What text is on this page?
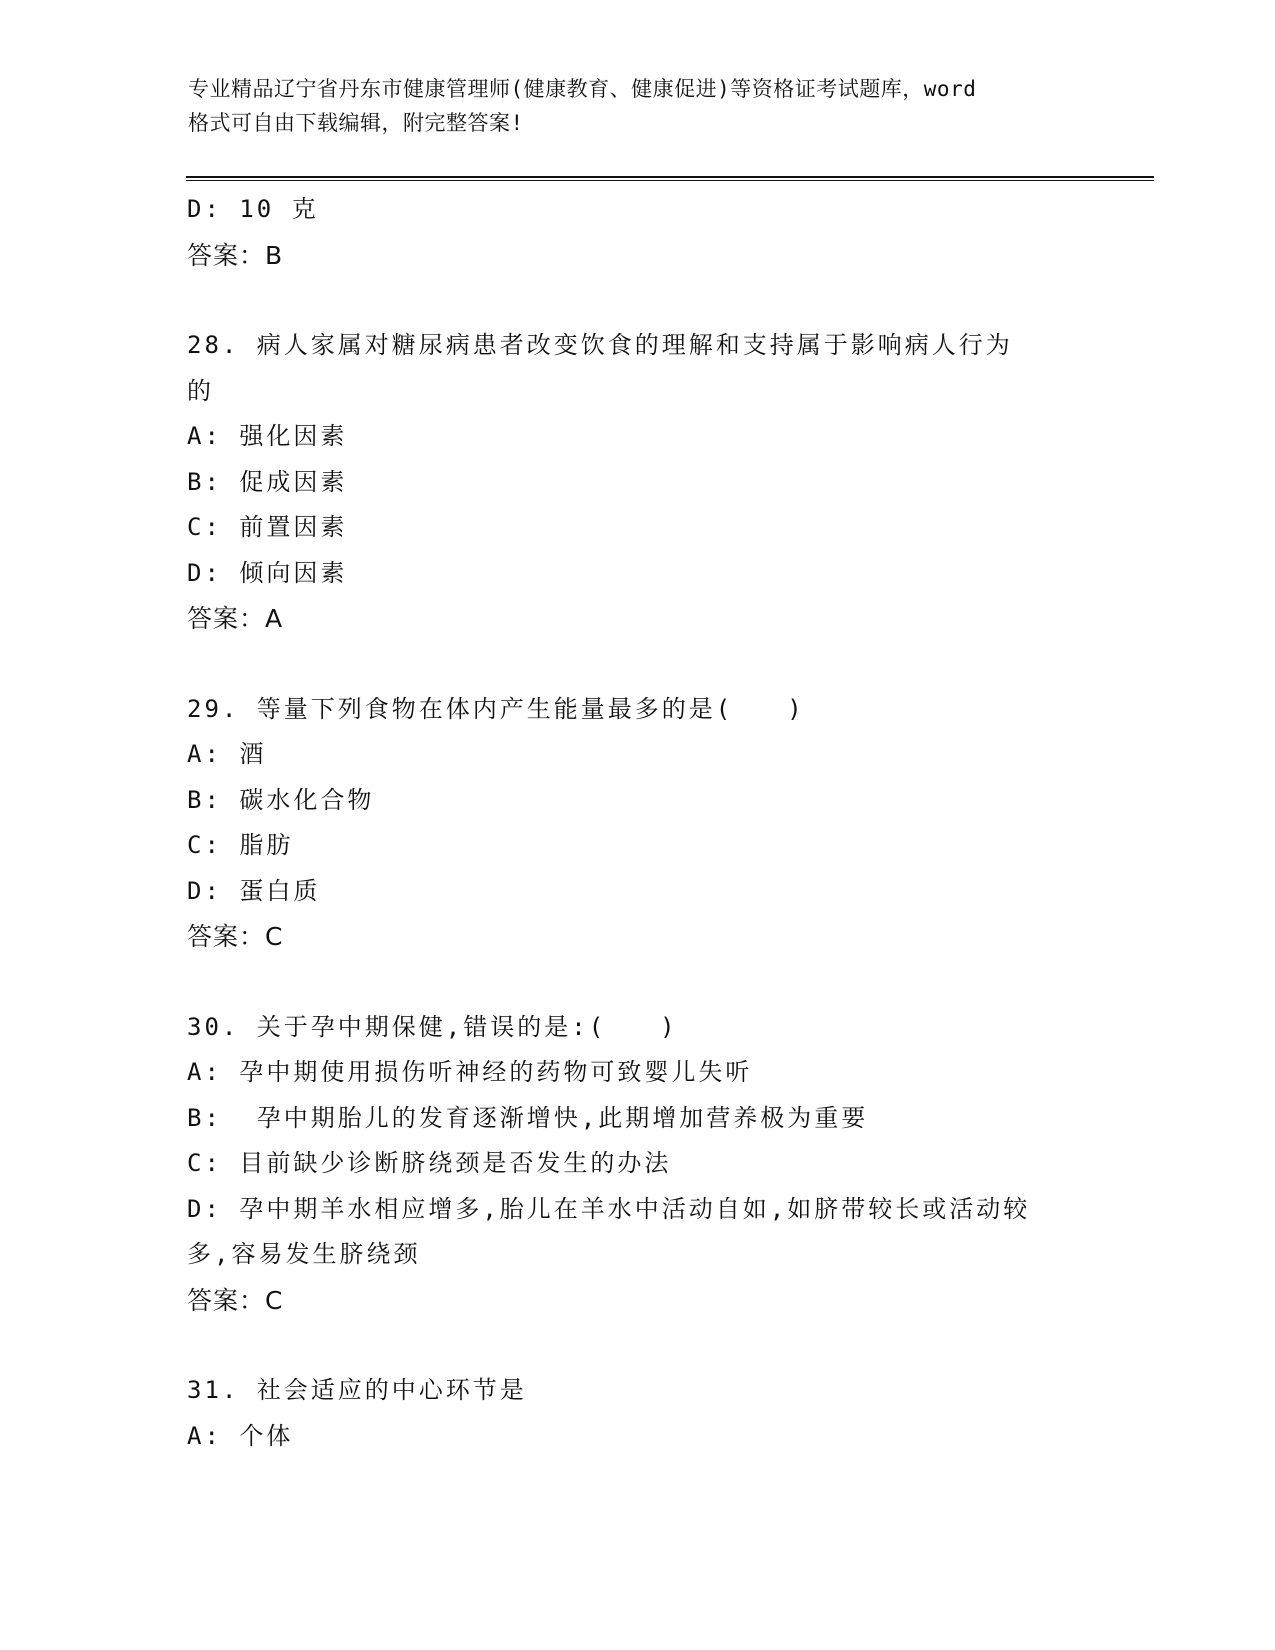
专业精品辽宁省丹东市健康管理师(健康教育、健康促进)等资格证考试题库，word
格式可自由下载编辑，附完整答案!
D: 10 克
答案：B
28. 病人家属对糖尿病患者改变饮食的理解和支持属于影响病人行为
的
A: 强化因素
B: 促成因素
C: 前置因素
D: 倾向因素
答案：A
29. 等量下列食物在体内产生能量最多的是(　　)
A: 酒
B: 碳水化合物
C: 脂肪
D: 蛋白质
答案：C
30. 关于孕中期保健,错误的是:(　　)
A: 孕中期使用损伤听神经的药物可致婴儿失听
B:  孕中期胎儿的发育逐渐增快,此期增加营养极为重要
C: 目前缺少诊断脐绕颈是否发生的办法
D: 孕中期羊水相应增多,胎儿在羊水中活动自如,如脐带较长或活动较
多,容易发生脐绕颈
答案：C
31. 社会适应的中心环节是
A: 个体
